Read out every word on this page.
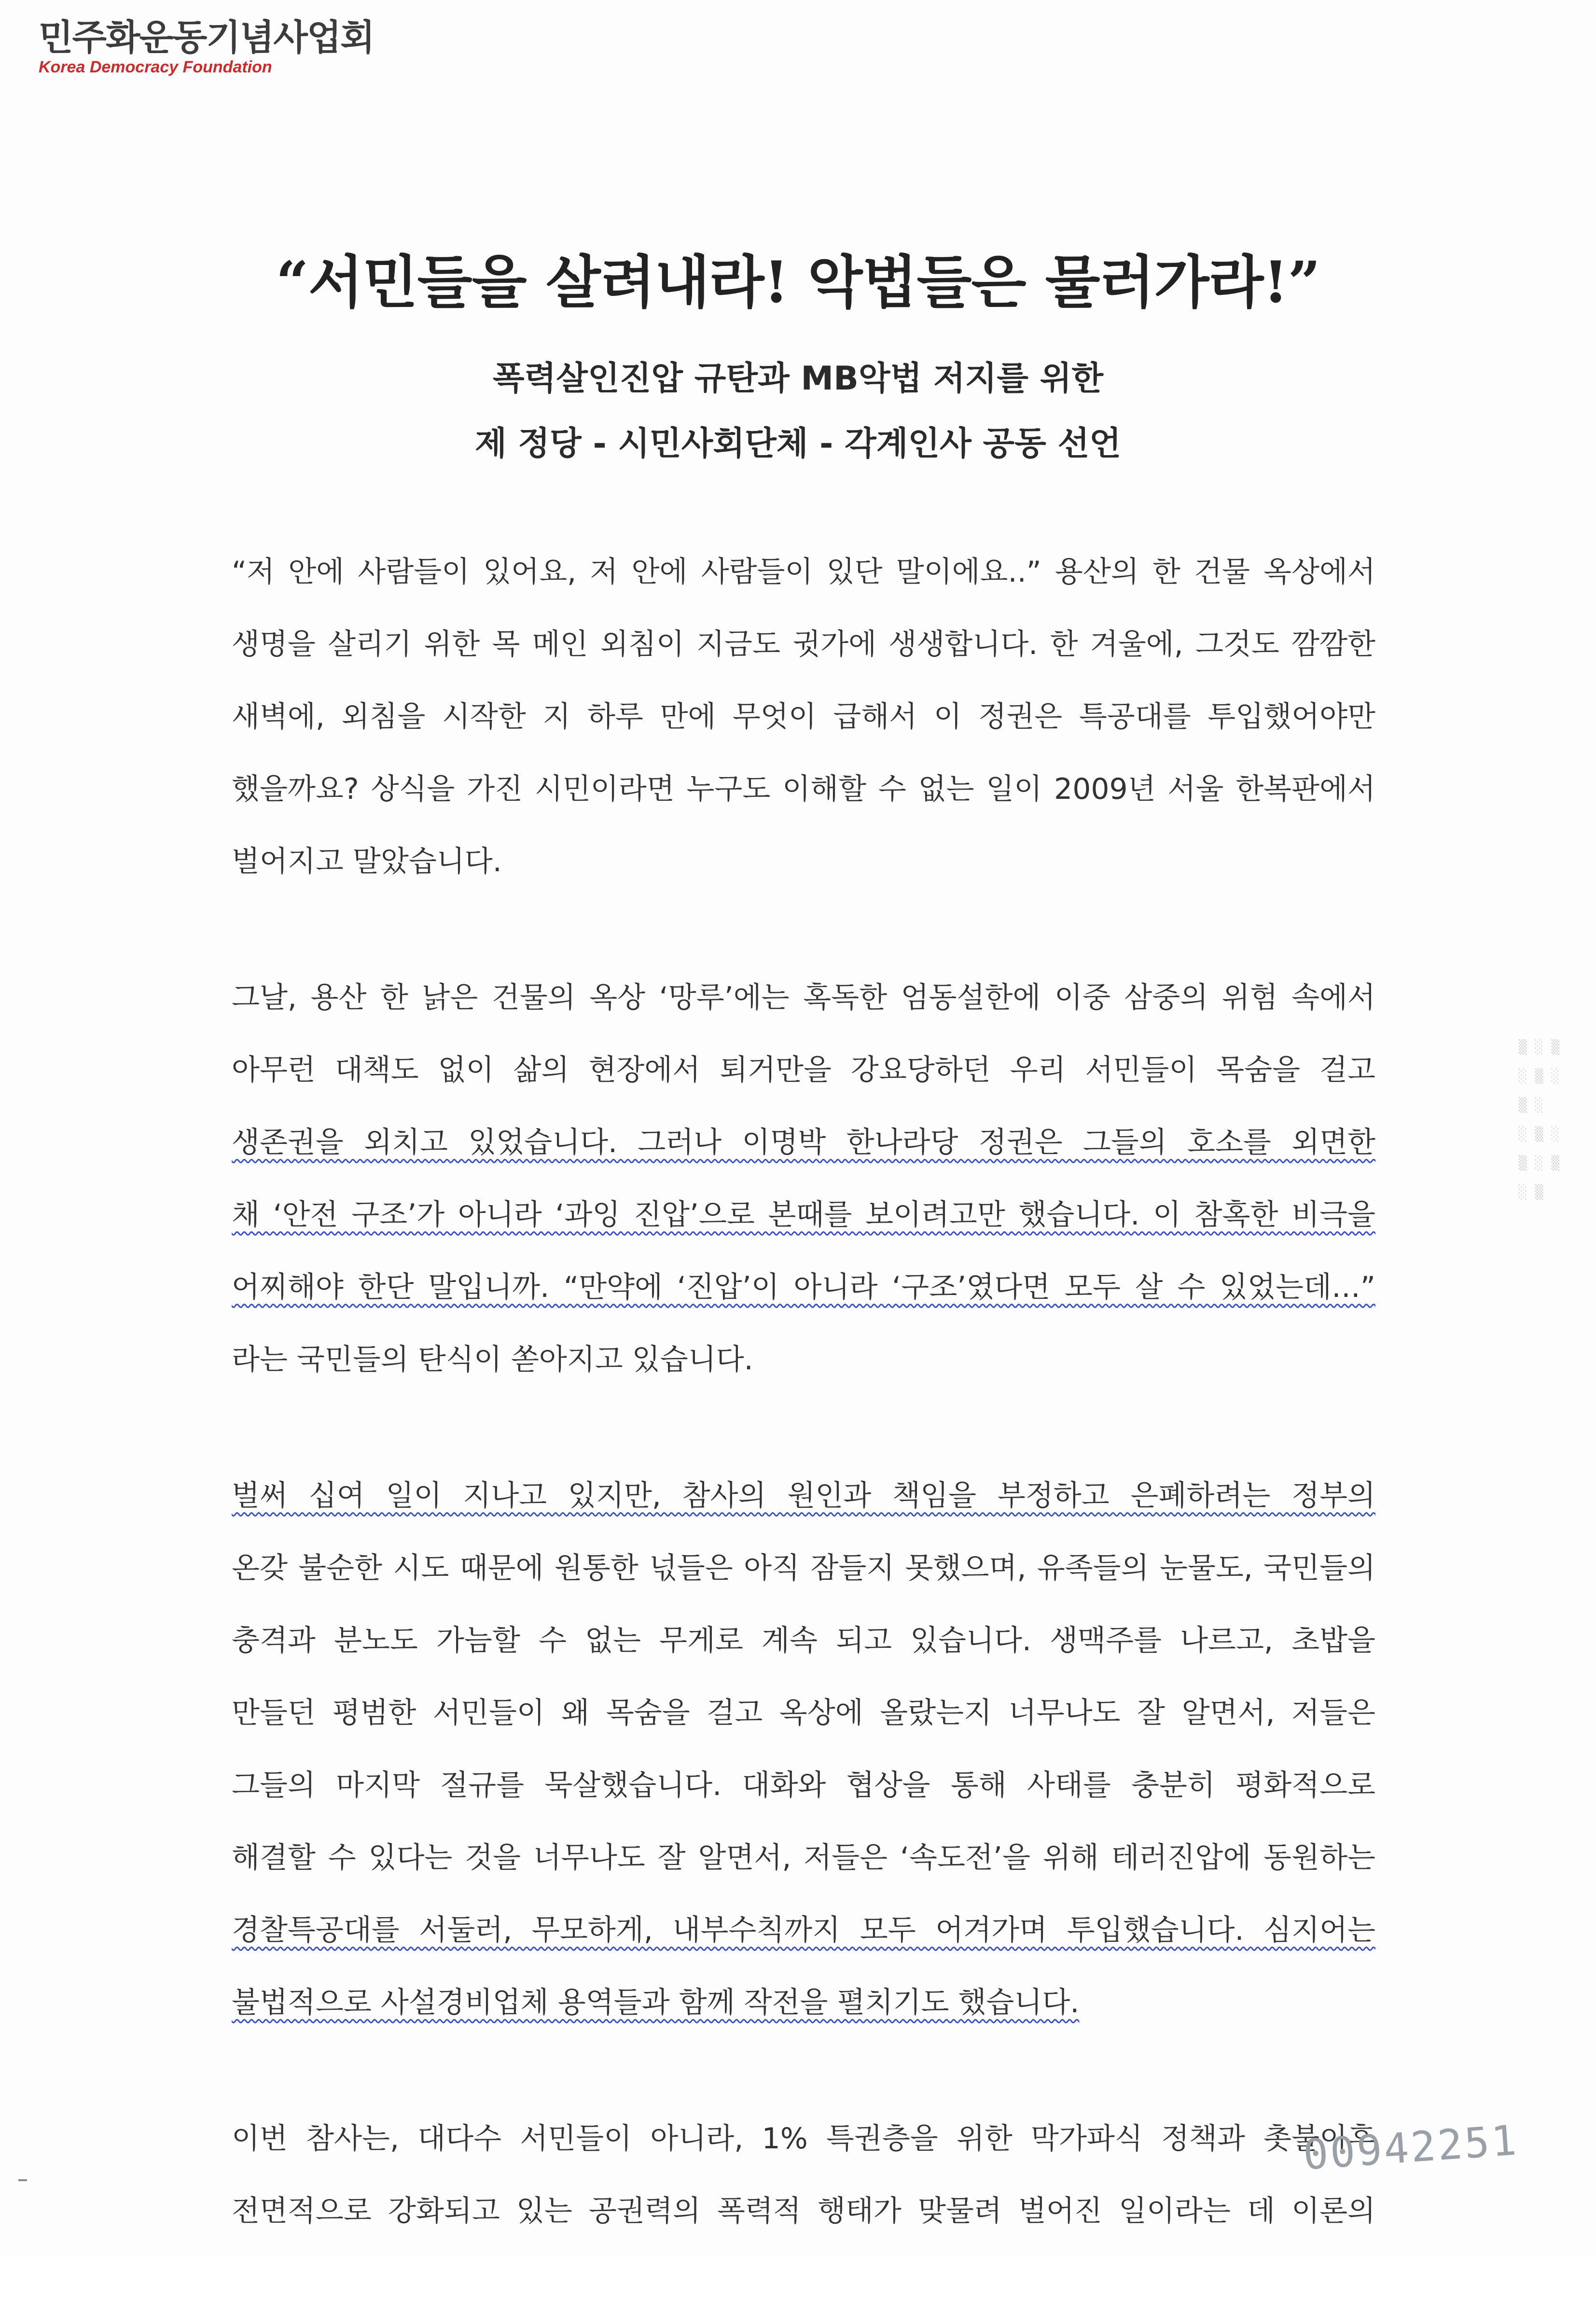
민주화운동기념사업회
Korea Democracy Foundation
“서민들을 살려내라! 악법들은 물러가라!”
폭력살인진압 규탄과 MB악법 저지를 위한
제 정당 - 시민사회단체 - 각계인사 공동 선언
“저 안에 사람들이 있어요, 저 안에 사람들이 있단 말이에요..” 용산의 한 건물 옥상에서
생명을 살리기 위한 목 메인 외침이 지금도 귓가에 생생합니다. 한 겨울에, 그것도 깜깜한
새벽에, 외침을 시작한 지 하루 만에 무엇이 급해서 이 정권은 특공대를 투입했어야만
했을까요? 상식을 가진 시민이라면 누구도 이해할 수 없는 일이 2009년 서울 한복판에서
벌어지고 말았습니다.
그날, 용산 한 낡은 건물의 옥상 ‘망루’에는 혹독한 엄동설한에 이중 삼중의 위험 속에서
아무런 대책도 없이 삶의 현장에서 퇴거만을 강요당하던 우리 서민들이 목숨을 걸고
생존권을 외치고 있었습니다. 그러나 이명박 한나라당 정권은 그들의 호소를 외면한
채 ‘안전 구조’가 아니라 ‘과잉 진압’으로 본때를 보이려고만 했습니다. 이 참혹한 비극을
어찌해야 한단 말입니까. “만약에 ‘진압’이 아니라 ‘구조’였다면 모두 살 수 있었는데…”
라는 국민들의 탄식이 쏟아지고 있습니다.
벌써 십여 일이 지나고 있지만, 참사의 원인과 책임을 부정하고 은폐하려는 정부의
온갖 불순한 시도 때문에 원통한 넋들은 아직 잠들지 못했으며, 유족들의 눈물도, 국민들의
충격과 분노도 가늠할 수 없는 무게로 계속 되고 있습니다. 생맥주를 나르고, 초밥을
만들던 평범한 서민들이 왜 목숨을 걸고 옥상에 올랐는지 너무나도 잘 알면서, 저들은
그들의 마지막 절규를 묵살했습니다. 대화와 협상을 통해 사태를 충분히 평화적으로
해결할 수 있다는 것을 너무나도 잘 알면서, 저들은 ‘속도전’을 위해 테러진압에 동원하는
경찰특공대를 서둘러, 무모하게, 내부수칙까지 모두 어겨가며 투입했습니다. 심지어는
불법적으로 사설경비업체 용역들과 함께 작전을 펼치기도 했습니다.
이번 참사는, 대다수 서민들이 아니라, 1% 특권층을 위한 막가파식 정책과 촛불이후
전면적으로 강화되고 있는 공권력의 폭력적 행태가 맞물려 벌어진 일이라는 데 이론의
▒ ░ ▒
░ ▒ ░
▒ ░
░ ▒ ░
▒ ░ ▒
░ ▒
00942251
